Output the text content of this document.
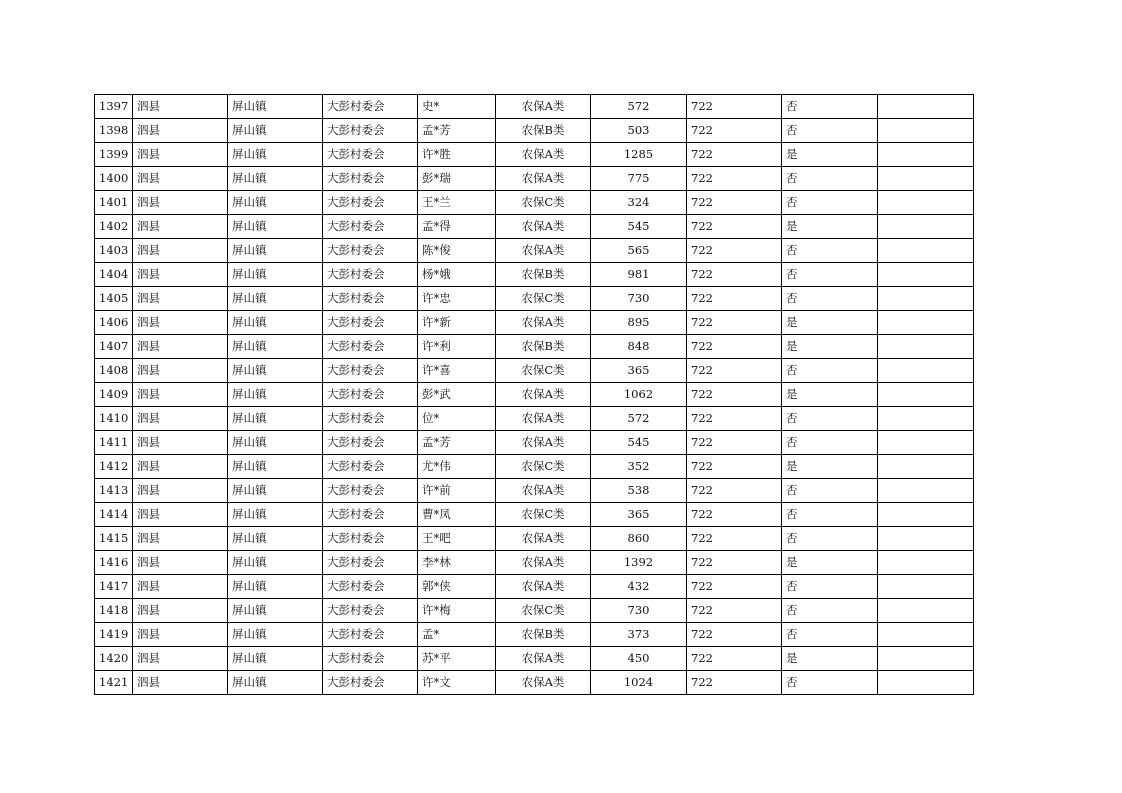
1397	泗县	屏山镇	大彭村委会	史*	农保A类	572	722	否	
1398	泗县	屏山镇	大彭村委会	孟*芳	农保B类	503	722	否	
1399	泗县	屏山镇	大彭村委会	许*胜	农保A类	1285	722	是	
1400	泗县	屏山镇	大彭村委会	彭*瑞	农保A类	775	722	否	
1401	泗县	屏山镇	大彭村委会	王*兰	农保C类	324	722	否	
1402	泗县	屏山镇	大彭村委会	孟*得	农保A类	545	722	是	
1403	泗县	屏山镇	大彭村委会	陈*俊	农保A类	565	722	否	
1404	泗县	屏山镇	大彭村委会	杨*娥	农保B类	981	722	否	
1405	泗县	屏山镇	大彭村委会	许*忠	农保C类	730	722	否	
1406	泗县	屏山镇	大彭村委会	许*新	农保A类	895	722	是	
1407	泗县	屏山镇	大彭村委会	许*利	农保B类	848	722	是	
1408	泗县	屏山镇	大彭村委会	许*喜	农保C类	365	722	否	
1409	泗县	屏山镇	大彭村委会	彭*武	农保A类	1062	722	是	
1410	泗县	屏山镇	大彭村委会	位*	农保A类	572	722	否	
1411	泗县	屏山镇	大彭村委会	孟*芳	农保A类	545	722	否	
1412	泗县	屏山镇	大彭村委会	尤*伟	农保C类	352	722	是	
1413	泗县	屏山镇	大彭村委会	许*前	农保A类	538	722	否	
1414	泗县	屏山镇	大彭村委会	曹*凤	农保C类	365	722	否	
1415	泗县	屏山镇	大彭村委会	王*吧	农保A类	860	722	否	
1416	泗县	屏山镇	大彭村委会	李*林	农保A类	1392	722	是	
1417	泗县	屏山镇	大彭村委会	郭*侠	农保A类	432	722	否	
1418	泗县	屏山镇	大彭村委会	许*梅	农保C类	730	722	否	
1419	泗县	屏山镇	大彭村委会	孟*	农保B类	373	722	否	
1420	泗县	屏山镇	大彭村委会	苏*平	农保A类	450	722	是	
1421	泗县	屏山镇	大彭村委会	许*文	农保A类	1024	722	否	
